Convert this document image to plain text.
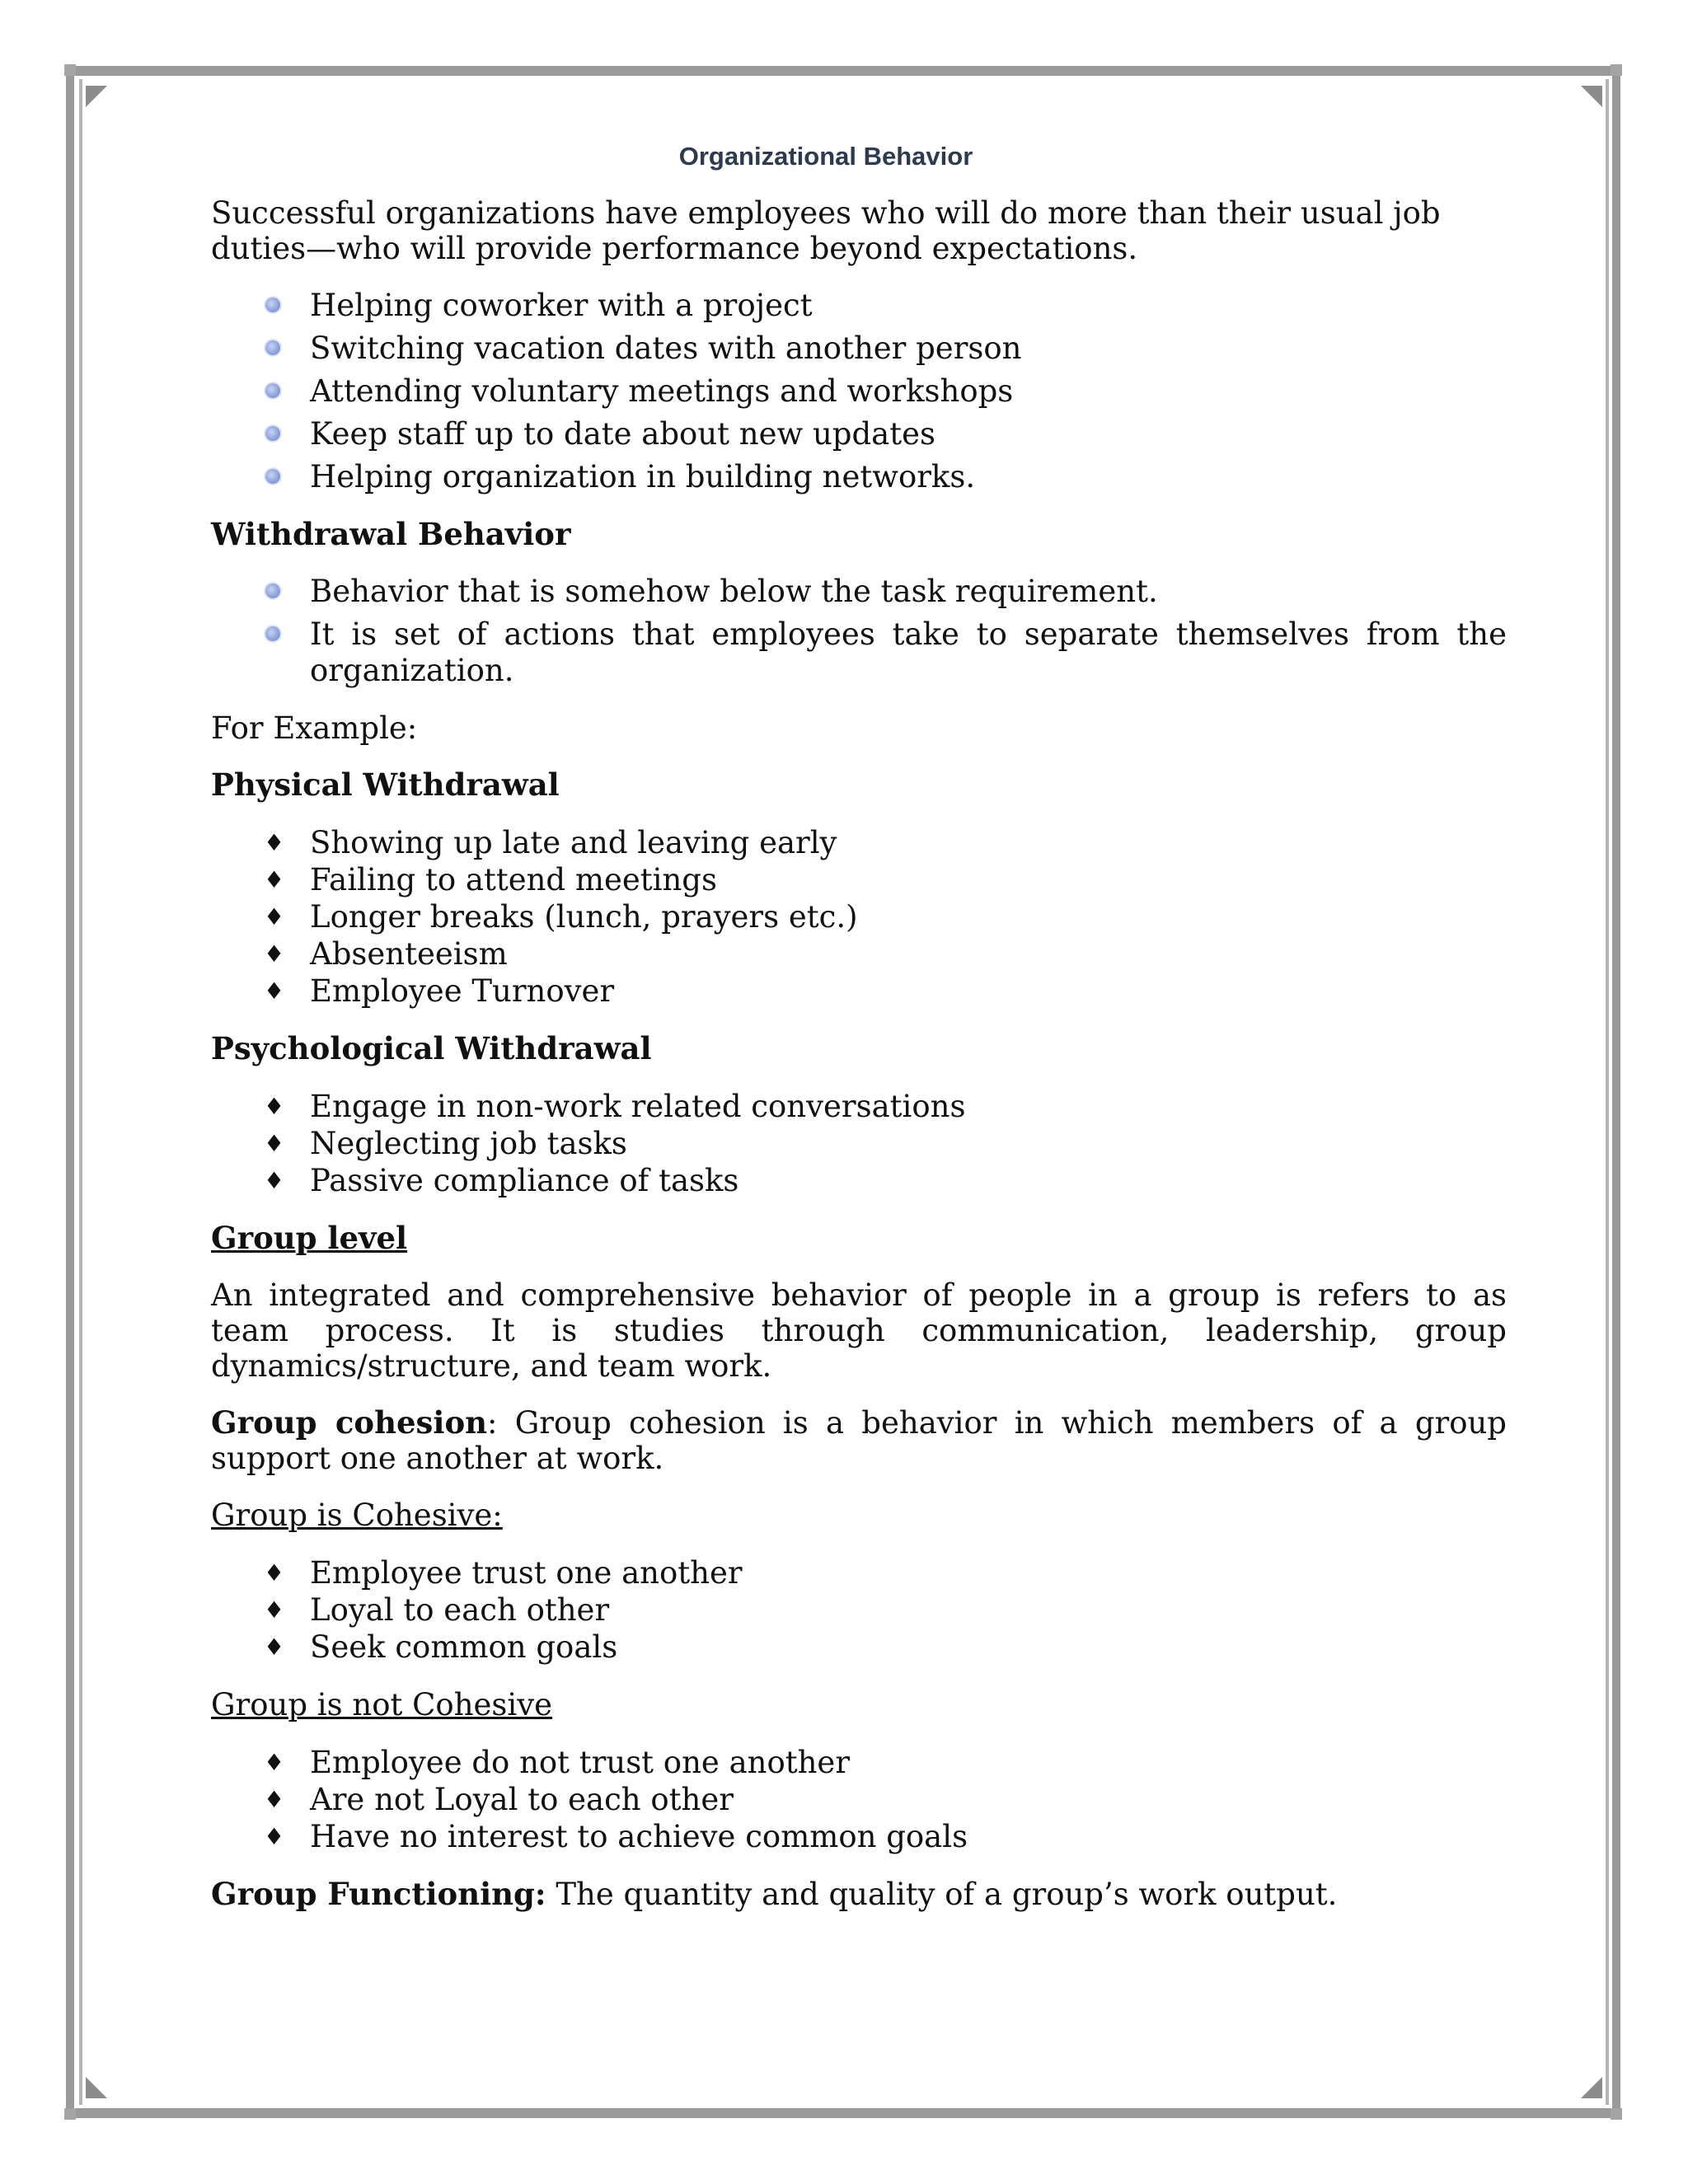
Organizational Behavior

Successful organizations have employees who will do more than their usual job duties—who will provide performance beyond expectations.

Helping coworker with a project
Switching vacation dates with another person
Attending voluntary meetings and workshops
Keep staff up to date about new updates
Helping organization in building networks.
Withdrawal Behavior
Behavior that is somehow below the task requirement.
It is set of actions that employees take to separate themselves from the organization.

For Example:

Physical Withdrawal
♦ Showing up late and leaving early
♦ Failing to attend meetings
♦ Longer breaks (lunch, prayers etc.)
♦ Absenteeism
♦ Employee Turnover
Psychological Withdrawal
♦ Engage in non-work related conversations
♦ Neglecting job tasks
♦ Passive compliance of tasks
Group level

An integrated and comprehensive behavior of people in a group is refers to as team process. It is studies through communication, leadership, group dynamics/structure, and team work.

Group cohesion: Group cohesion is a behavior in which members of a group support one another at work.

Group is Cohesive:
♦ Employee trust one another
♦ Loyal to each other
♦ Seek common goals
Group is not Cohesive
♦ Employee do not trust one another
♦ Are not Loyal to each other
♦ Have no interest to achieve common goals

Group Functioning: The quantity and quality of a group’s work output.
